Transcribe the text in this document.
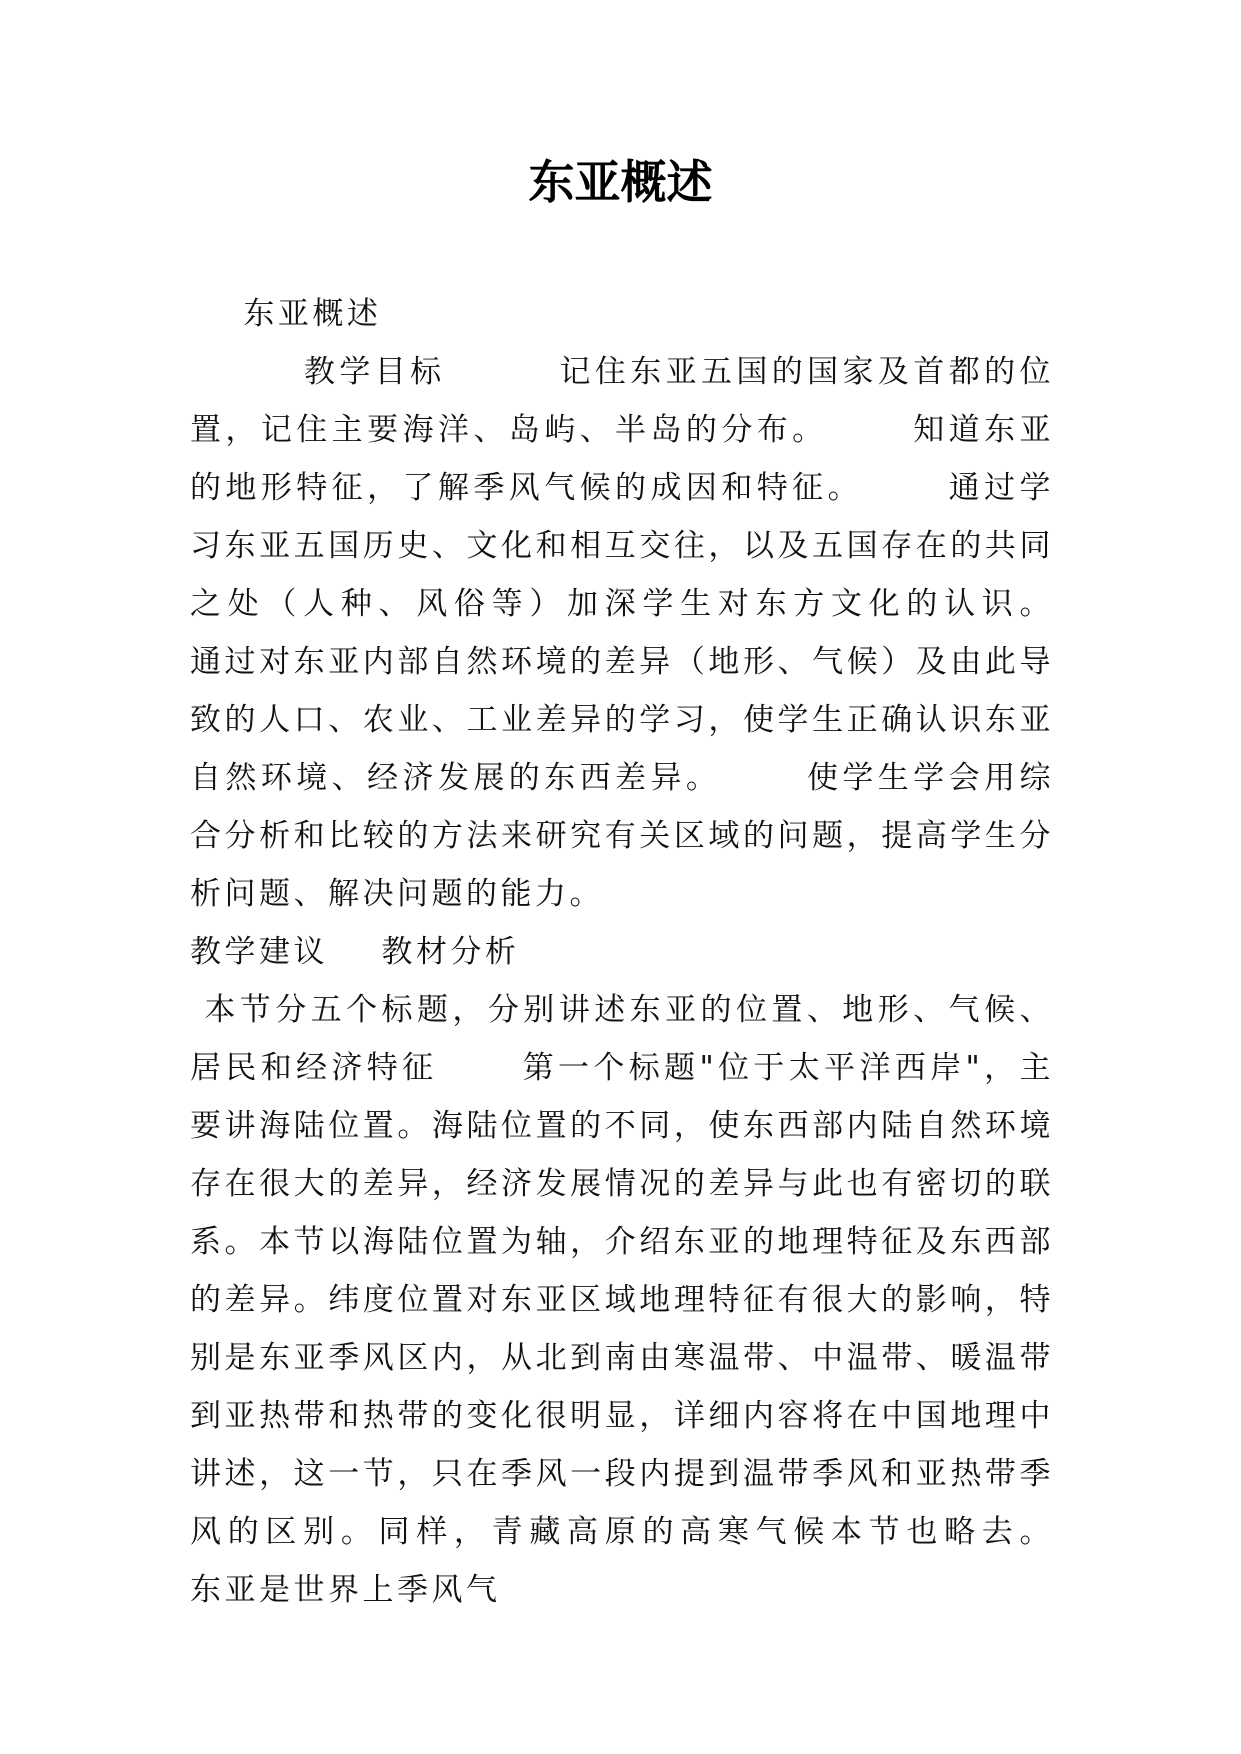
东亚概述

东亚概述

教学目标        记住东亚五国的国家及首都的位置，记住主要海洋、岛屿、半岛的分布。      知道东亚的地形特征，了解季风气候的成因和特征。      通过学习东亚五国历史、文化和相互交往，以及五国存在的共同之处（人种、风俗等）加深学生对东方文化的认识。      通过对东亚内部自然环境的差异（地形、气候）及由此导致的人口、农业、工业差异的学习，使学生正确认识东亚自然环境、经济发展的东西差异。      使学生学会用综合分析和比较的方法来研究有关区域的问题，提高学生分析问题、解决问题的能力。

教学建议    教材分析

本节分五个标题，分别讲述东亚的位置、地形、气候、居民和经济特征      第一个标题"位于太平洋西岸"，主要讲海陆位置。海陆位置的不同，使东西部内陆自然环境存在很大的差异，经济发展情况的差异与此也有密切的联系。本节以海陆位置为轴，介绍东亚的地理特征及东西部的差异。纬度位置对东亚区域地理特征有很大的影响，特别是东亚季风区内，从北到南由寒温带、中温带、暖温带到亚热带和热带的变化很明显，详细内容将在中国地理中讲述，这一节，只在季风一段内提到温带季风和亚热带季风的区别。同样，青藏高原的高寒气候本节也略去。      东亚是世界上季风气
